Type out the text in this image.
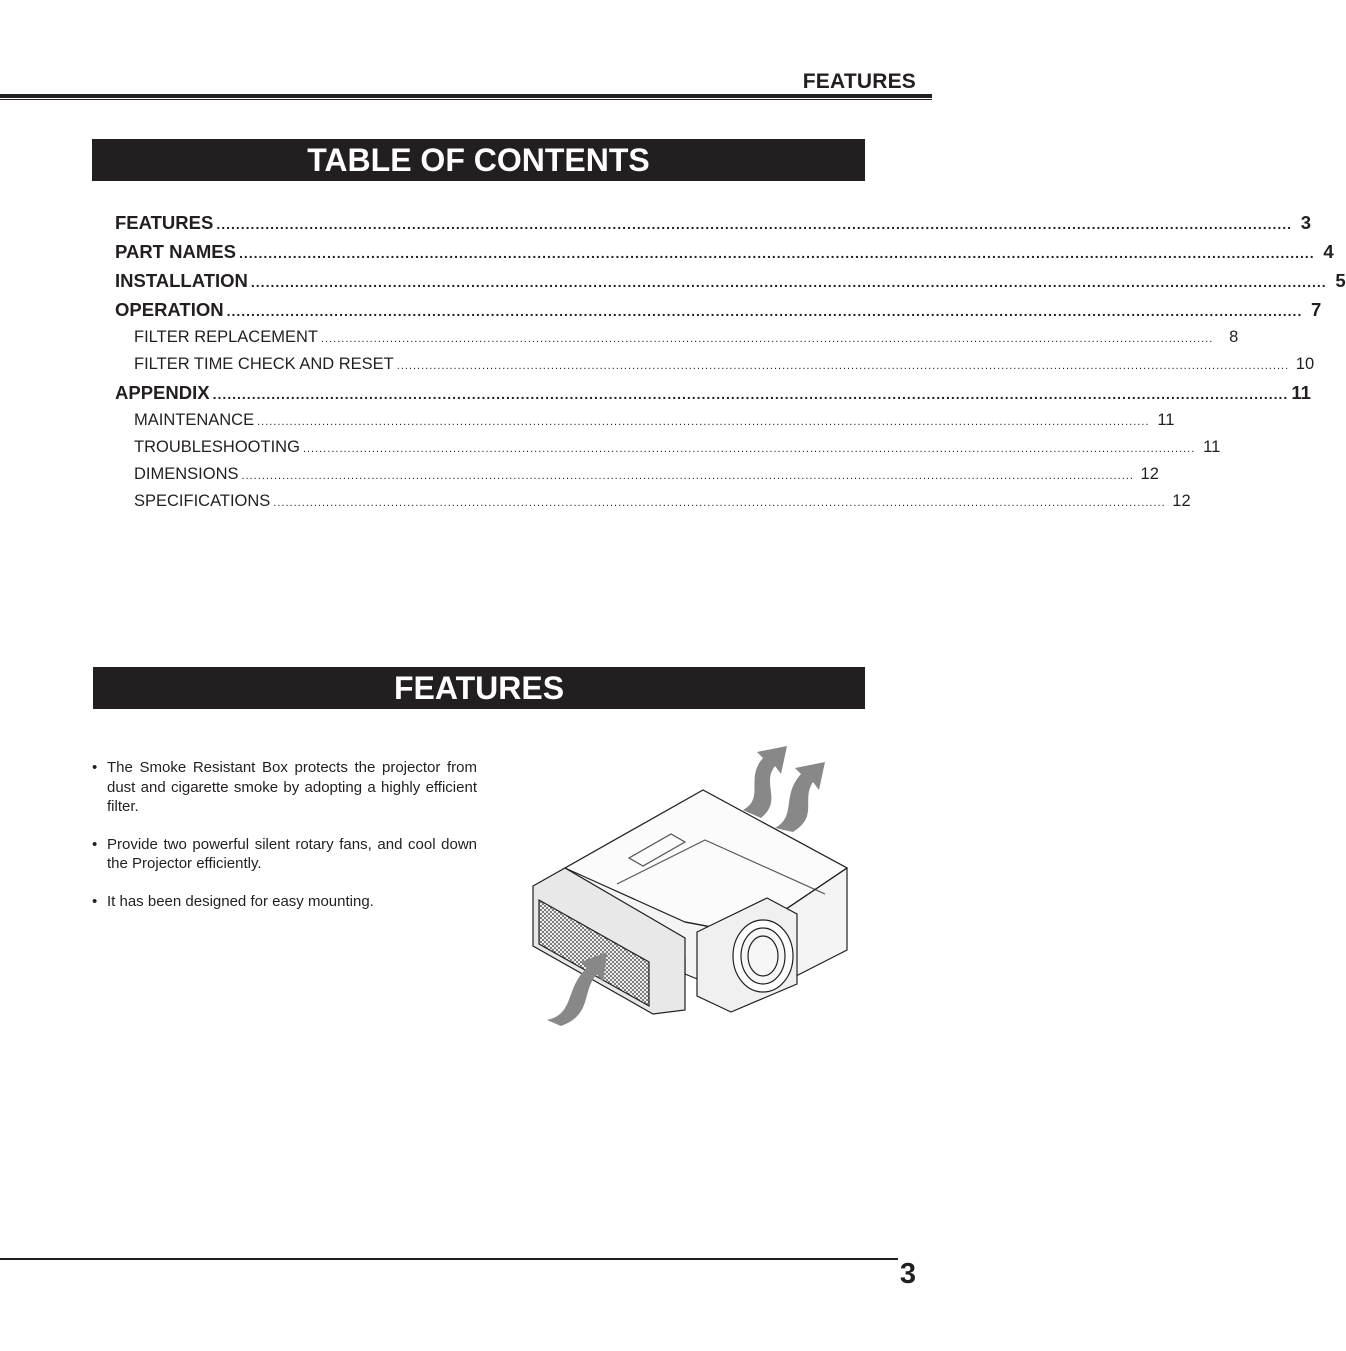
FEATURES
TABLE OF CONTENTS
FEATURES ............................................................................................................................................................................................................................ 3
PART NAMES ............................................................................................................................................................................................................................ 4
INSTALLATION ............................................................................................................................................................................................................................ 5
OPERATION ............................................................................................................................................................................................................................ 7
FILTER REPLACEMENT ............................................................................................................................................................................................................................ 8
FILTER TIME CHECK AND RESET ............................................................................................................................................................................................................................ 10
APPENDIX ............................................................................................................................................................................................................................ 11
MAINTENANCE ............................................................................................................................................................................................................................ 11
TROUBLESHOOTING ............................................................................................................................................................................................................................ 11
DIMENSIONS ............................................................................................................................................................................................................................ 12
SPECIFICATIONS ............................................................................................................................................................................................................................ 12
FEATURES
• The Smoke Resistant Box protects the projector from dust and cigarette smoke by adopting a highly efficient filter.
• Provide two powerful silent rotary fans, and cool down the Projector efficiently.
• It has been designed for easy mounting.
3
